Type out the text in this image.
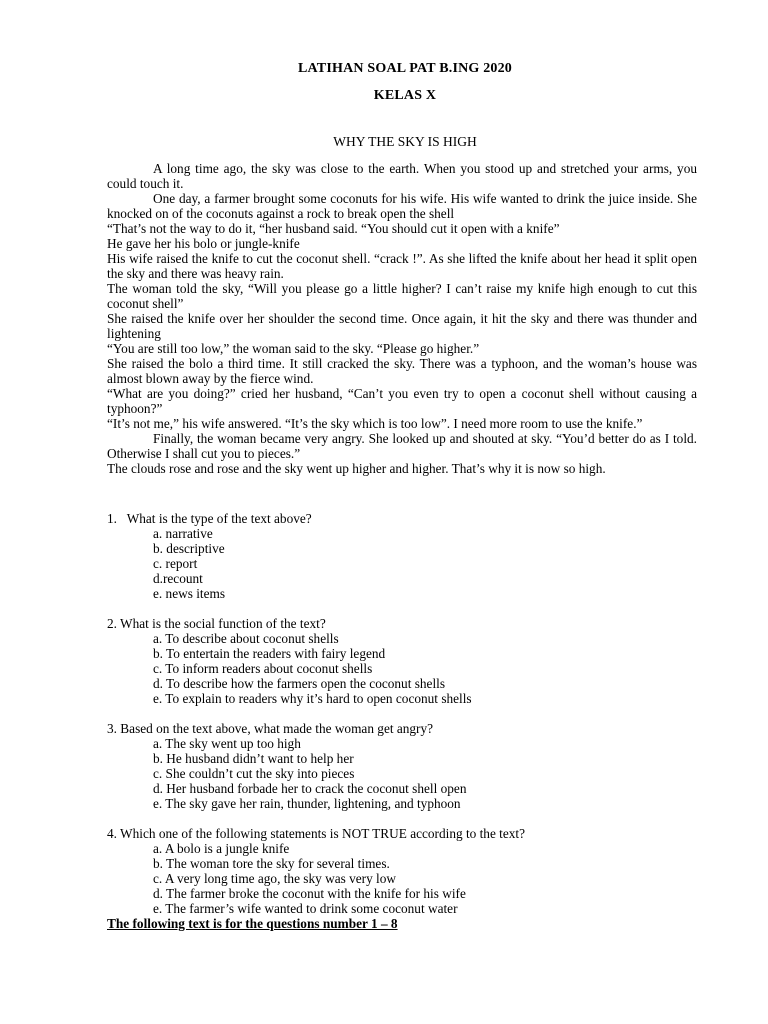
LATIHAN SOAL PAT B.ING 2020
KELAS X
WHY THE SKY IS HIGH

A long time ago, the sky was close to the earth. When you stood up and stretched your arms, you could touch it.

One day, a farmer brought some coconuts for his wife. His wife wanted to drink the juice inside. She knocked on of the coconuts against a rock to break open the shell

“That’s not the way to do it, “her husband said. “You should cut it open with a knife”

He gave her his bolo or jungle-knife

His wife raised the knife to cut the coconut shell. “crack !”. As she lifted the knife about her head it split open the sky and there was heavy rain.

The woman told the sky, “Will you please go a little higher? I can’t raise my knife high enough to cut this coconut shell”

She raised the knife over her shoulder the second time. Once again, it hit the sky and there was thunder and lightening

“You are still too low,” the woman said to the sky. “Please go higher.”

She raised the bolo a third time. It still cracked the sky. There was a typhoon, and the woman’s house was almost blown away by the fierce wind.

“What are you doing?” cried her husband, “Can’t you even try to open a coconut shell without causing a typhoon?”

“It’s not me,” his wife answered. “It’s the sky which is too low”. I need more room to use the knife.”

Finally, the woman became very angry. She looked up and shouted at sky. “You’d better do as I told. Otherwise I shall cut you to pieces.”

The clouds rose and rose and the sky went up higher and higher. That’s why it is now so high.

1.   What is the type of the text above?

a. narrative
b. descriptive
c. report
d.recount
e. news items

2. What is the social function of the text?

a. To describe about coconut shells
b. To entertain the readers with fairy legend
c. To inform readers about coconut shells
d. To describe how the farmers open the coconut shells
e. To explain to readers why it’s hard to open coconut shells

3. Based on the text above, what made the woman get angry?

a. The sky went up too high
b. He husband didn’t want to help her
c. She couldn’t cut the sky into pieces
d. Her husband forbade her to crack the coconut shell open
e. The sky gave her rain, thunder, lightening, and typhoon

4. Which one of the following statements is NOT TRUE according to the text?

a. A bolo is a jungle knife
b. The woman tore the sky for several times.
c. A very long time ago, the sky was very low
d. The farmer broke the coconut with the knife for his wife
e. The farmer’s wife wanted to drink some coconut water

The following text is for the questions number 1 – 8
